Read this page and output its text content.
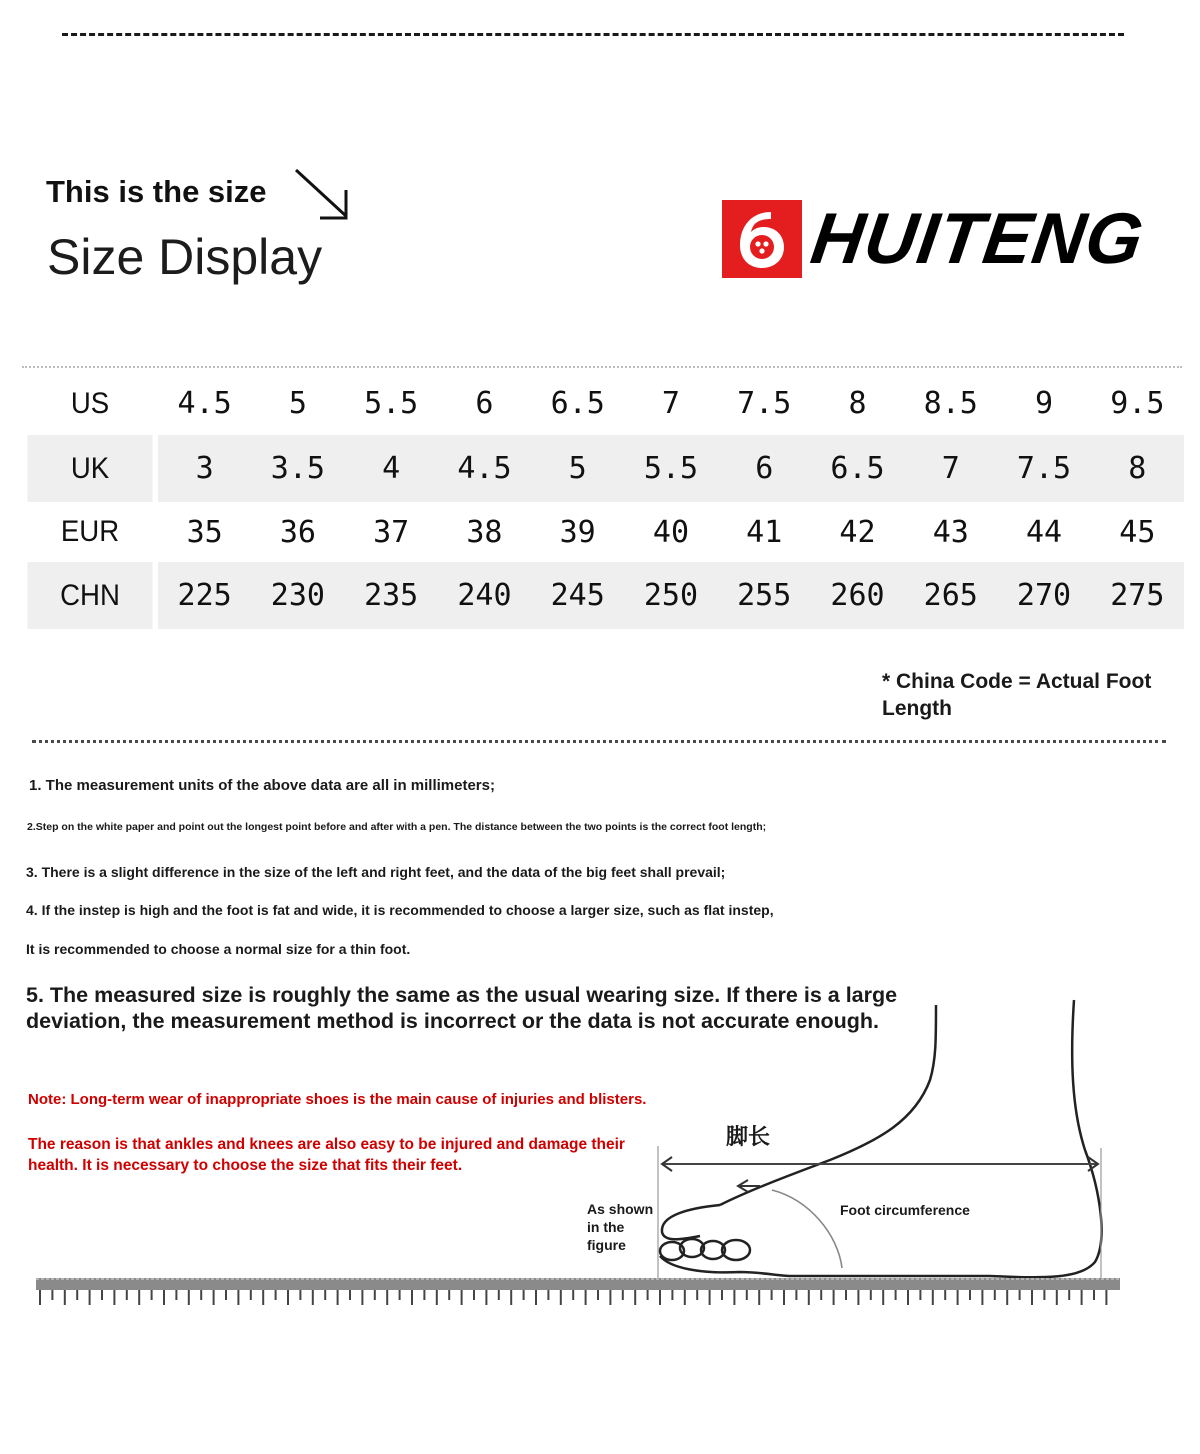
This is the size
Size Display	HUITENG
US	4.5	5	5.5	6	6.5	7	7.5	8	8.5	9	9.5
UK	3	3.5	4	4.5	5	5.5	6	6.5	7	7.5	8
EUR	35	36	37	38	39	40	41	42	43	44	45
CHN	225	230	235	240	245	250	255	260	265	270	275
* China Code = Actual Foot Length
1. The measurement units of the above data are all in millimeters;
2.Step on the white paper and point out the longest point before and after with a pen. The distance between the two points is the correct foot length;
3. There is a slight difference in the size of the left and right feet, and the data of the big feet shall prevail;
4. If the instep is high and the foot is fat and wide, it is recommended to choose a larger size, such as flat instep,
It is recommended to choose a normal size for a thin foot.
5. The measured size is roughly the same as the usual wearing size. If there is a large deviation, the measurement method is incorrect or the data is not accurate enough.
Note: Long-term wear of inappropriate shoes is the main cause of injuries and blisters.
The reason is that ankles and knees are also easy to be injured and damage their health. It is necessary to choose the size that fits their feet.
脚长
Foot circumference
As shown in the figure
